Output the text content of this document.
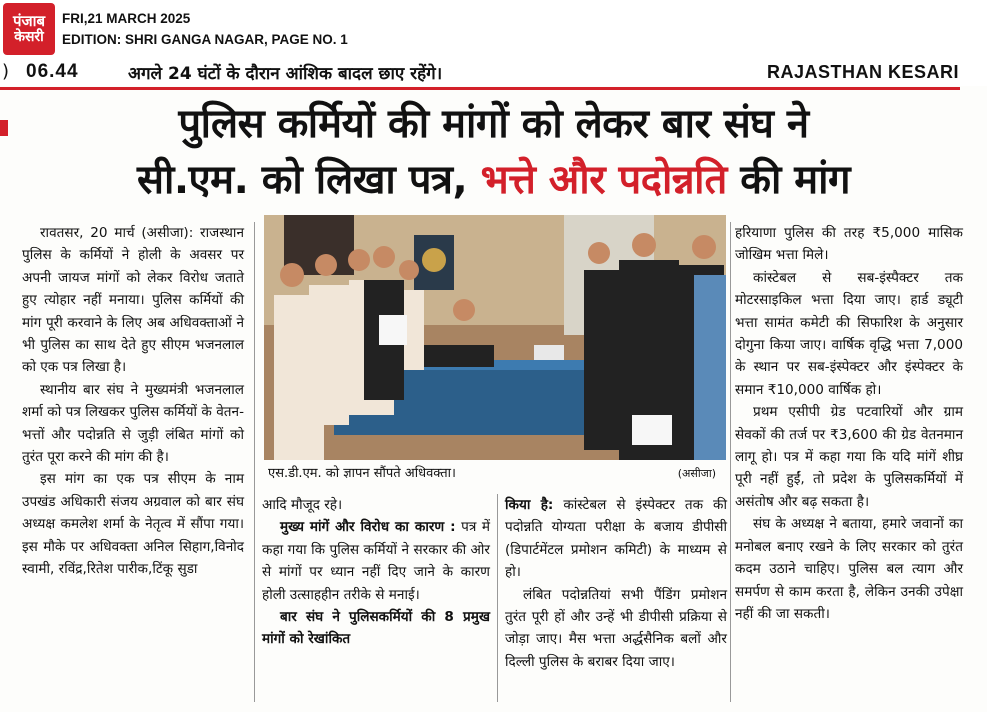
पंजाब
केसरी
FRI,21 MARCH 2025
EDITION: SHRI GANGA NAGAR, PAGE NO. 1
) 06.44	अगले 24 घंटों के दौरान आंशिक बादल छाए रहेंगे।	RAJASTHAN KESARI
पुलिस कर्मियों की मांगों को लेकर बार संघ ने
सी.एम. को लिखा पत्र, भत्ते और पदोन्नति की मांग

रावतसर, 20 मार्च (असीजा): राजस्थान पुलिस के कर्मियों ने होली के अवसर पर अपनी जायज मांगों को लेकर विरोध जताते हुए त्योहार नहीं मनाया। पुलिस कर्मियों की मांग पूरी करवाने के लिए अब अधिवक्ताओं ने भी पुलिस का साथ देते हुए सीएम भजनलाल को एक पत्र लिखा है।

स्थानीय बार संघ ने मुख्यमंत्री भजनलाल शर्मा को पत्र लिखकर पुलिस कर्मियों के वेतन-भत्तों और पदोन्नति से जुड़ी लंबित मांगों को तुरंत पूरा करने की मांग की है।

इस मांग का एक पत्र सीएम के नाम उपखंड अधिकारी संजय अग्रवाल को बार संघ अध्यक्ष कमलेश शर्मा के नेतृत्व में सौंपा गया। इस मौके पर अधिवक्ता अनिल सिहाग,विनोद स्वामी, रविंद्र,रितेश पारीक,टिंकू सुडा

एस.डी.एम. को ज्ञापन सौंपते अधिवक्ता।	(असीजा)

आदि मौजूद रहे।

मुख्य मांगें और विरोध का कारण : पत्र में कहा गया कि पुलिस कर्मियों ने सरकार की ओर से मांगों पर ध्यान नहीं दिए जाने के कारण होली उत्साहहीन तरीके से मनाई।

बार संघ ने पुलिसकर्मियों की 8 प्रमुख मांगों को रेखांकित

किया है: कांस्टेबल से इंस्पेक्टर तक की पदोन्नति योग्यता परीक्षा के बजाय डीपीसी (डिपार्टमेंटल प्रमोशन कमिटी) के माध्यम से हो।

लंबित पदोन्नतियां सभी पैंडिंग प्रमोशन तुरंत पूरी हों और उन्हें भी डीपीसी प्रक्रिया से जोड़ा जाए। मैस भत्ता अर्द्धसैनिक बलों और दिल्ली पुलिस के बराबर दिया जाए।

हरियाणा पुलिस की तरह ₹5,000 मासिक जोखिम भत्ता मिले।

कांस्टेबल से सब-इंस्पैक्टर तक मोटरसाइकिल भत्ता दिया जाए। हार्ड ड्यूटी भत्ता सामंत कमेटी की सिफारिश के अनुसार दोगुना किया जाए। वार्षिक वृद्धि भत्ता 7,000 के स्थान पर सब-इंस्पेक्टर और इंस्पेक्टर के समान ₹10,000 वार्षिक हो।

प्रथम एसीपी ग्रेड पटवारियों और ग्राम सेवकों की तर्ज पर ₹3,600 की ग्रेड वेतनमान लागू हो। पत्र में कहा गया कि यदि मांगें शीघ्र पूरी नहीं हुईं, तो प्रदेश के पुलिसकर्मियों में असंतोष और बढ़ सकता है।

संघ के अध्यक्ष ने बताया, हमारे जवानों का मनोबल बनाए रखने के लिए सरकार को तुरंत कदम उठाने चाहिए। पुलिस बल त्याग और समर्पण से काम करता है, लेकिन उनकी उपेक्षा नहीं की जा सकती।
